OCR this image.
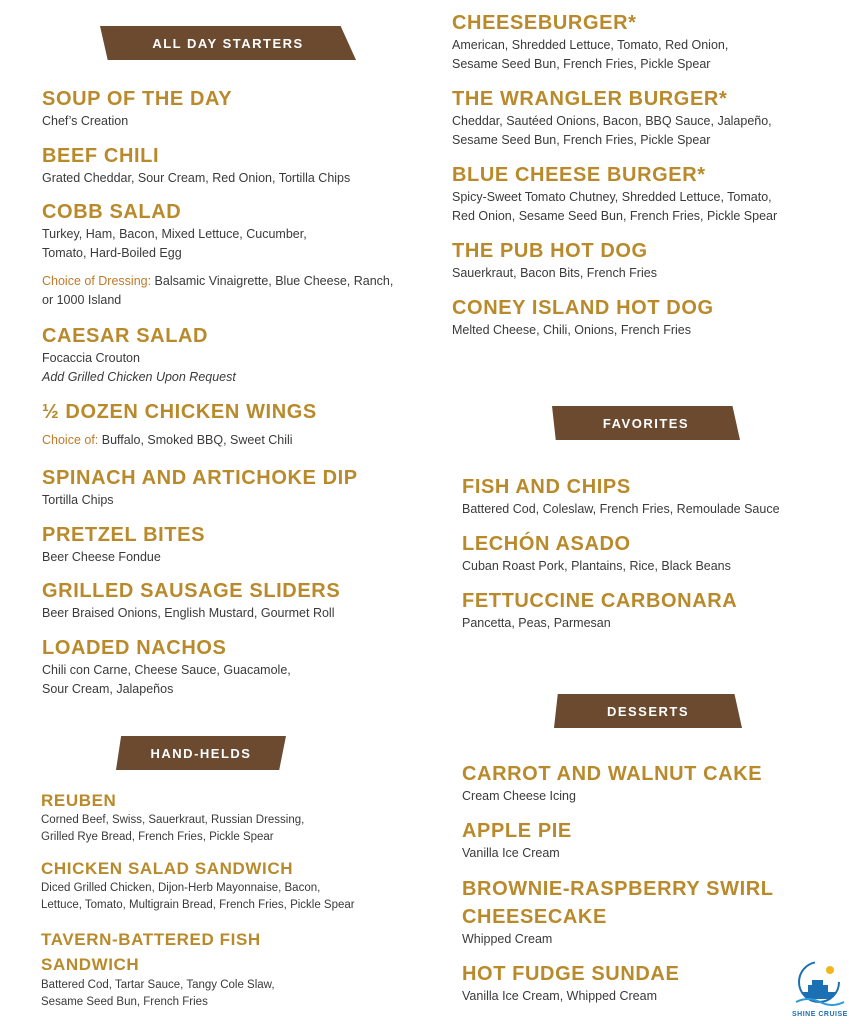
ALL DAY STARTERS
HAND-HELDS
FAVORITES
DESSERTS
SOUP OF THE DAY
Chef’s Creation
BEEF CHILI
Grated Cheddar, Sour Cream, Red Onion, Tortilla Chips
COBB SALAD
Turkey, Ham, Bacon, Mixed Lettuce, Cucumber,
Tomato, Hard-Boiled Egg
Choice of Dressing: Balsamic Vinaigrette, Blue Cheese, Ranch,
or 1000 Island
CAESAR SALAD
Focaccia Crouton
Add Grilled Chicken Upon Request
½ DOZEN CHICKEN WINGS
Choice of: Buffalo, Smoked BBQ, Sweet Chili
SPINACH AND ARTICHOKE DIP
Tortilla Chips
PRETZEL BITES
Beer Cheese Fondue
GRILLED SAUSAGE SLIDERS
Beer Braised Onions, English Mustard, Gourmet Roll
LOADED NACHOS
Chili con Carne, Cheese Sauce, Guacamole,
Sour Cream, Jalapeños
REUBEN
Corned Beef, Swiss, Sauerkraut, Russian Dressing,
Grilled Rye Bread, French Fries, Pickle Spear
CHICKEN SALAD SANDWICH
Diced Grilled Chicken, Dijon-Herb Mayonnaise, Bacon,
Lettuce, Tomato, Multigrain Bread, French Fries, Pickle Spear
TAVERN-BATTERED FISH
SANDWICH
Battered Cod, Tartar Sauce, Tangy Cole Slaw,
Sesame Seed Bun, French Fries
CHEESEBURGER*
American, Shredded Lettuce, Tomato, Red Onion,
Sesame Seed Bun, French Fries, Pickle Spear
THE WRANGLER BURGER*
Cheddar, Sautéed Onions, Bacon, BBQ Sauce, Jalapeño,
Sesame Seed Bun, French Fries, Pickle Spear
BLUE CHEESE BURGER*
Spicy-Sweet Tomato Chutney, Shredded Lettuce, Tomato,
Red Onion, Sesame Seed Bun, French Fries, Pickle Spear
THE PUB HOT DOG
Sauerkraut, Bacon Bits, French Fries
CONEY ISLAND HOT DOG
Melted Cheese, Chili, Onions, French Fries
FISH AND CHIPS
Battered Cod, Coleslaw, French Fries, Remoulade Sauce
LECHÓN ASADO
Cuban Roast Pork, Plantains, Rice, Black Beans
FETTUCCINE CARBONARA
Pancetta, Peas, Parmesan
CARROT AND WALNUT CAKE
Cream Cheese Icing
APPLE PIE
Vanilla Ice Cream
BROWNIE-RASPBERRY SWIRL
CHEESECAKE
Whipped Cream
HOT FUDGE SUNDAE
Vanilla Ice Cream, Whipped Cream
SHINE CRUISE
